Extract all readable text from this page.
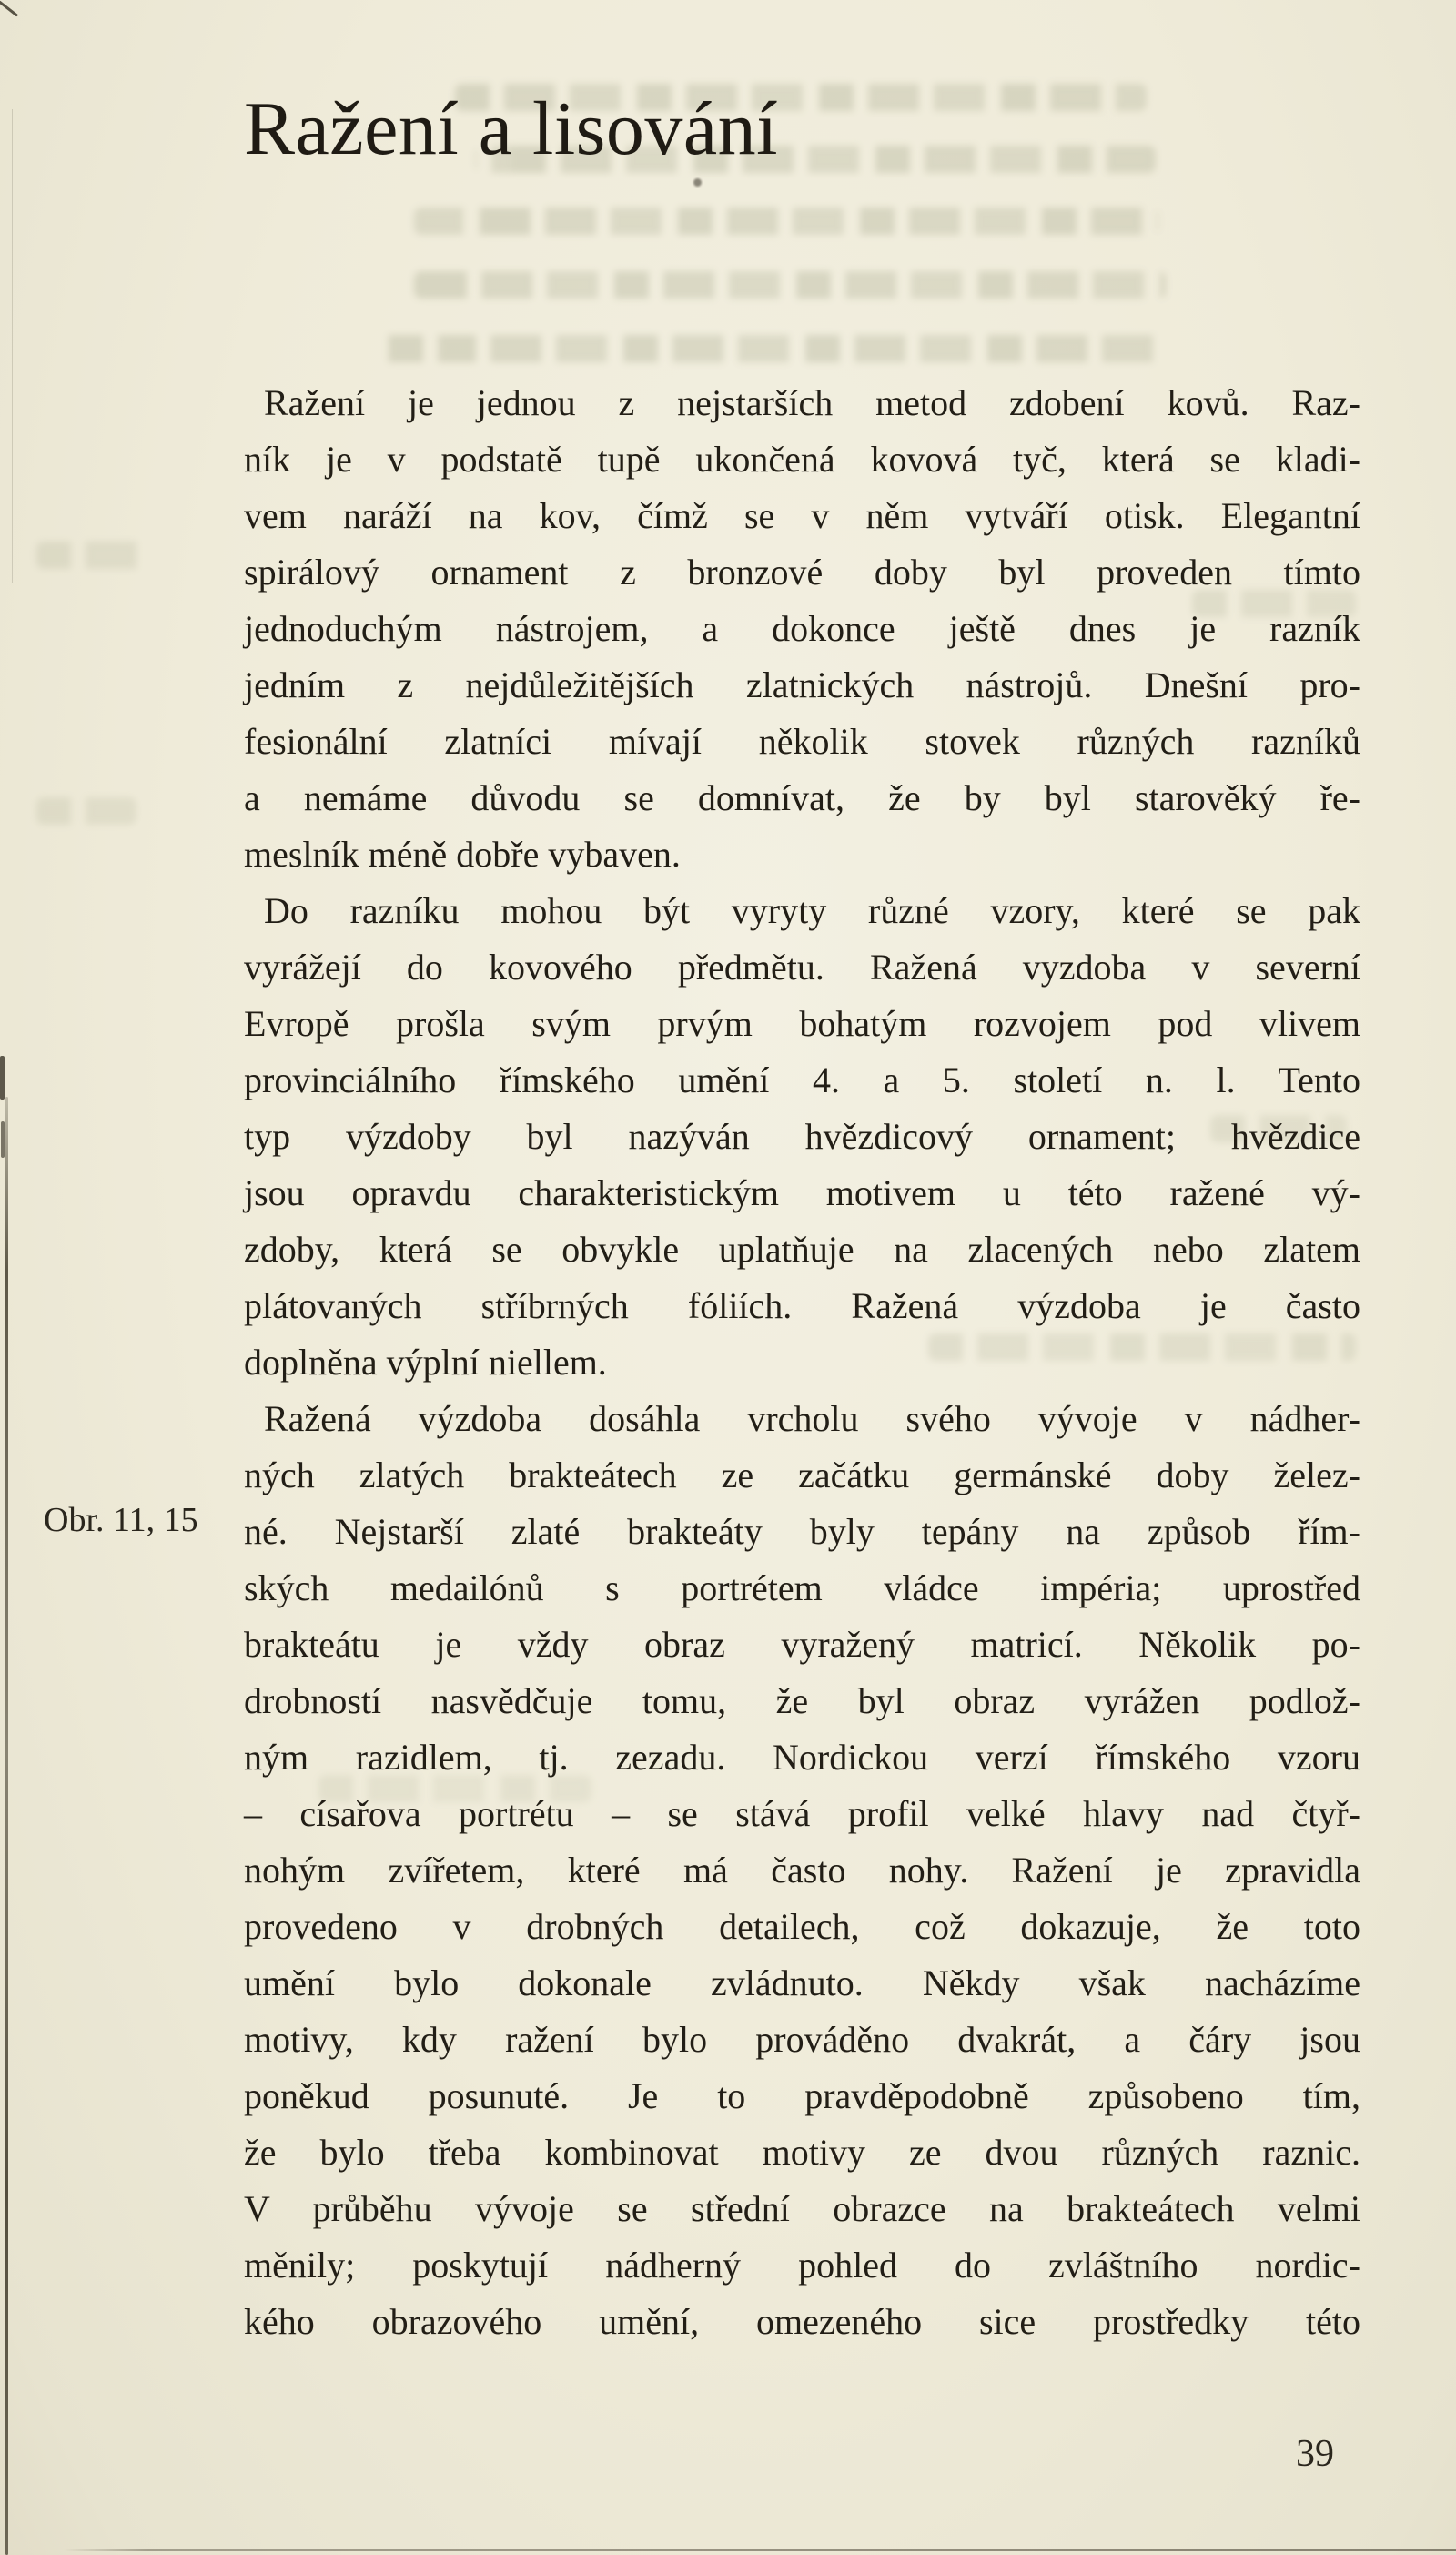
Ražení a lisování
Ražení je jednou z nejstarších metod zdobení kovů. Raz-
ník je v podstatě tupě ukončená kovová tyč, která se kladi-
vem naráží na kov, čímž se v něm vytváří otisk. Elegantní
spirálový ornament z bronzové doby byl proveden tímto
jednoduchým nástrojem, a dokonce ještě dnes je razník
jedním z nejdůležitějších zlatnických nástrojů. Dnešní pro-
fesionální zlatníci mívají několik stovek různých razníků
a nemáme důvodu se domnívat, že by byl starověký ře-
meslník méně dobře vybaven.
Do razníku mohou být vyryty různé vzory, které se pak
vyrážejí do kovového předmětu. Ražená vyzdoba v severní
Evropě prošla svým prvým bohatým rozvojem pod vlivem
provinciálního římského umění 4. a 5. století n. l. Tento
typ výzdoby byl nazýván hvězdicový ornament; hvězdice
jsou opravdu charakteristickým motivem u této ražené vý-
zdoby, která se obvykle uplatňuje na zlacených nebo zlatem
plátovaných stříbrných fóliích. Ražená výzdoba je často
doplněna výplní niellem.
Ražená výzdoba dosáhla vrcholu svého vývoje v nádher-
ných zlatých brakteátech ze začátku germánské doby želez-
né. Nejstarší zlaté brakteáty byly tepány na způsob řím-
ských medailónů s portrétem vládce impéria; uprostřed
brakteátu je vždy obraz vyražený matricí. Několik po-
drobností nasvědčuje tomu, že byl obraz vyrážen podlož-
ným razidlem, tj. zezadu. Nordickou verzí římského vzoru
– císařova portrétu – se stává profil velké hlavy nad čtyř-
nohým zvířetem, které má často nohy. Ražení je zpravidla
provedeno v drobných detailech, což dokazuje, že toto
umění bylo dokonale zvládnuto. Někdy však nacházíme
motivy, kdy ražení bylo prováděno dvakrát, a čáry jsou
poněkud posunuté. Je to pravděpodobně způsobeno tím,
že bylo třeba kombinovat motivy ze dvou různých raznic.
V průběhu vývoje se střední obrazce na brakteátech velmi
měnily; poskytují nádherný pohled do zvláštního nordic-
kého obrazového umění, omezeného sice prostředky této
Obr. 11, 15
39
